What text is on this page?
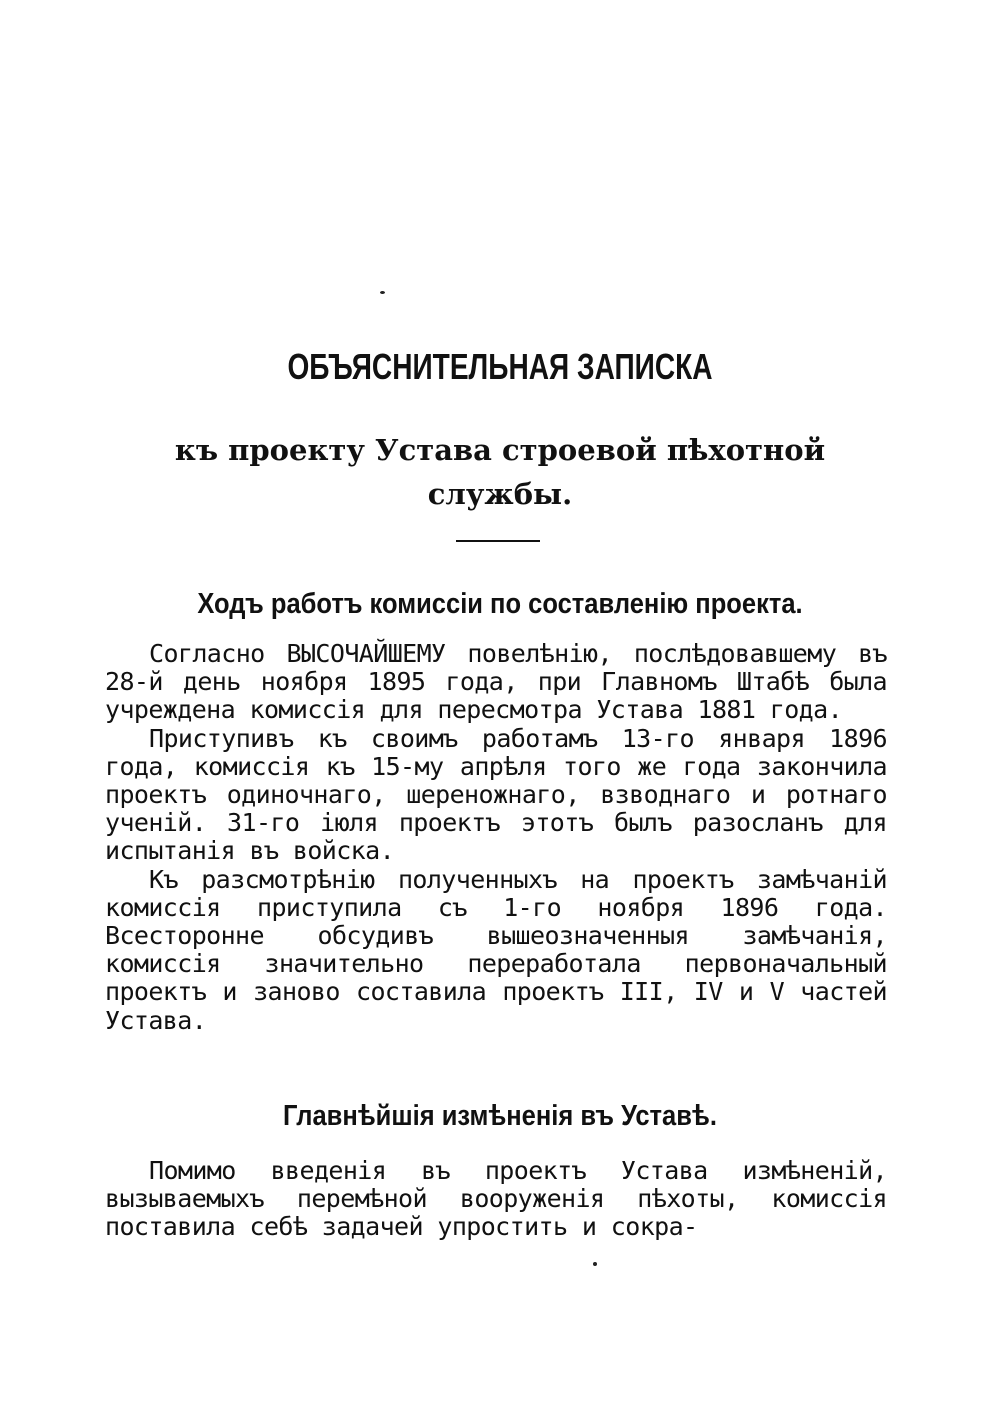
ОБЪЯСНИТЕЛЬНАЯ ЗАПИСКА
къ проекту Устава строевой пѣхотной службы.
Ходъ работъ комиссіи по составленію проекта.

Согласно ВЫСОЧАЙШЕМУ повелѣнію, послѣдовавшему въ 28-й день ноября 1895 года, при Главномъ Штабѣ была учреждена комиссія для пересмотра Устава 1881 года.

Приступивъ къ своимъ работамъ 13-го января 1896 года, комиссія къ 15-му апрѣля того же года закончила проектъ одиночнаго, шереножнаго, взводнаго и ротнаго ученій. 31-го іюля проектъ этотъ былъ разосланъ для испытанія въ войска.

Къ разсмотрѣнію полученныхъ на проектъ замѣчаній комиссія приступила съ 1-го ноября 1896 года. Всесторонне обсудивъ вышеозначенныя замѣчанія, комиссія значительно переработала первоначальный проектъ и заново составила проектъ III, IV и V частей Устава.

Главнѣйшія измѣненія въ Уставѣ.

Помимо введенія въ проектъ Устава измѣненій, вызываемыхъ перемѣной вооруженія пѣхоты, комиссія поставила себѣ задачей упростить и сокра-
